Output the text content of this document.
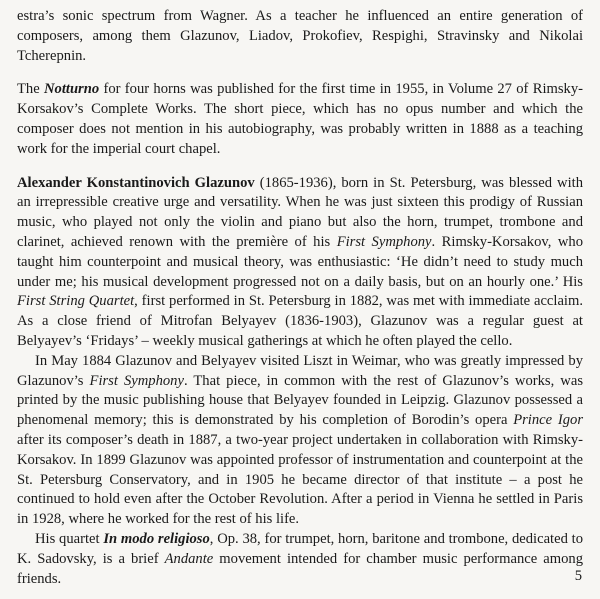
estra’s sonic spectrum from Wagner. As a teacher he influenced an entire generation of composers, among them Glazunov, Liadov, Prokofiev, Respighi, Stravinsky and Nikolai Tcherepnin.

The Notturno for four horns was published for the first time in 1955, in Volume 27 of Rimsky-Korsakov’s Complete Works. The short piece, which has no opus number and which the composer does not mention in his autobiography, was probably written in 1888 as a teaching work for the imperial court chapel.

Alexander Konstantinovich Glazunov (1865-1936), born in St. Petersburg, was blessed with an irrepressible creative urge and versatility. When he was just sixteen this prodigy of Russian music, who played not only the violin and piano but also the horn, trumpet, trombone and clarinet, achieved renown with the première of his First Symphony. Rimsky-Korsakov, who taught him counterpoint and musical theory, was enthusiastic: ‘He didn’t need to study much under me; his musical development progressed not on a daily basis, but on an hourly one.’ His First String Quartet, first performed in St. Petersburg in 1882, was met with immediate acclaim. As a close friend of Mitrofan Belyayev (1836-1903), Glazunov was a regular guest at Belyayev’s ‘Fridays’ – weekly musical gatherings at which he often played the cello.

In May 1884 Glazunov and Belyayev visited Liszt in Weimar, who was greatly impressed by Glazunov’s First Symphony. That piece, in common with the rest of Glazunov’s works, was printed by the music publishing house that Belyayev founded in Leipzig. Glazunov possessed a phenomenal memory; this is demonstrated by his completion of Borodin’s opera Prince Igor after its composer’s death in 1887, a two-year project undertaken in collaboration with Rimsky-Korsakov. In 1899 Glazunov was appointed professor of instrumentation and counterpoint at the St. Petersburg Conservatory, and in 1905 he became director of that institute – a post he continued to hold even after the October Revolution. After a period in Vienna he settled in Paris in 1928, where he worked for the rest of his life.

His quartet In modo religioso, Op. 38, for trumpet, horn, baritone and trombone, dedicated to K. Sadovsky, is a brief Andante movement intended for chamber music performance among friends.	5
